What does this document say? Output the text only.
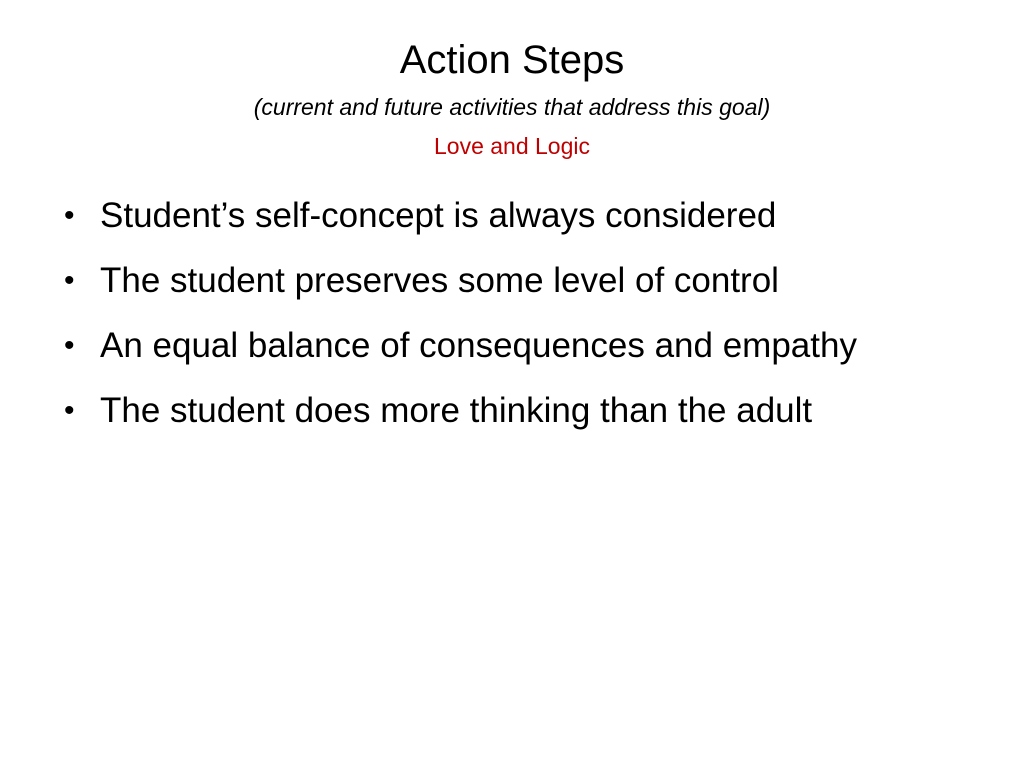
Action Steps

(current and future activities that address this goal)

Love and Logic

• Student’s self-concept is always considered
• The student preserves some level of control
• An equal balance of consequences and empathy
• The student does more thinking than the adult
